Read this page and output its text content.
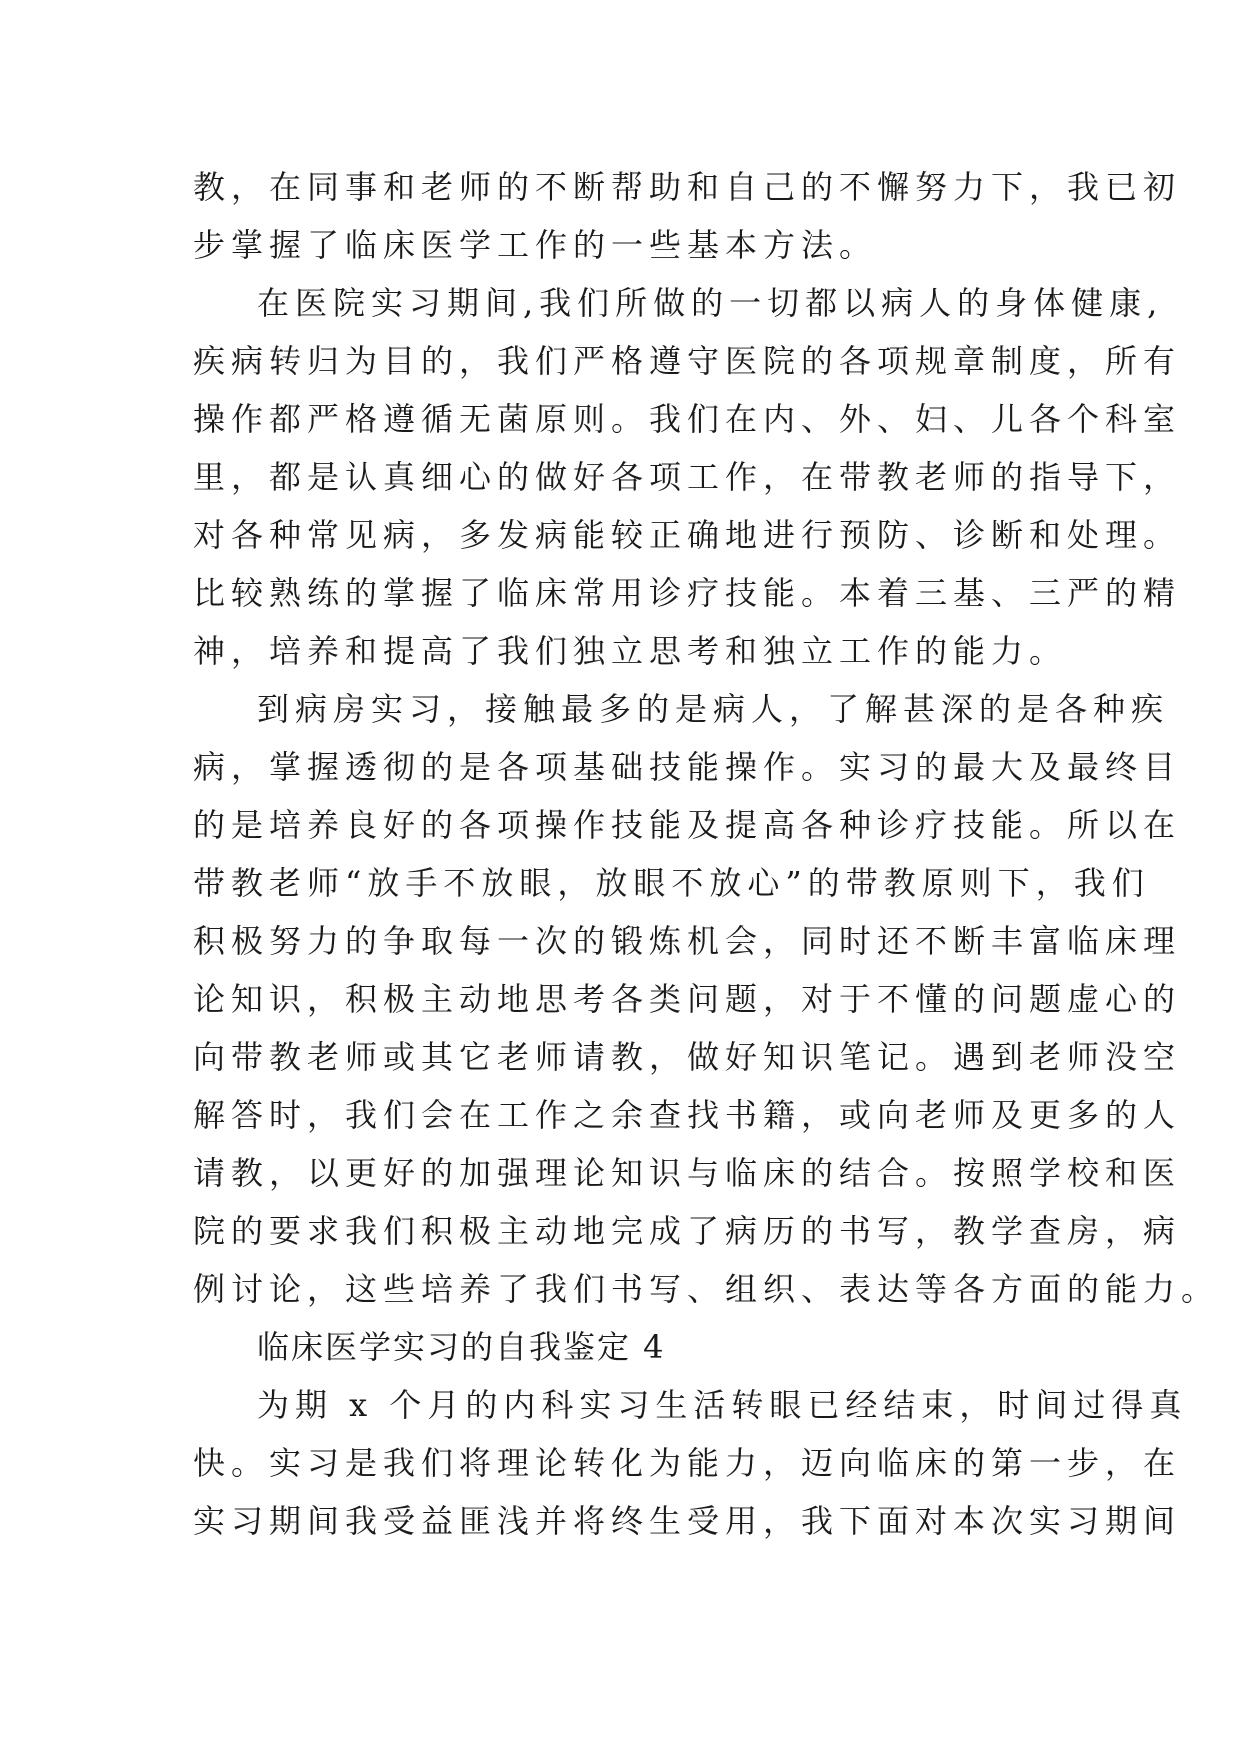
教，在同事和老师的不断帮助和自己的不懈努力下，我已初
步掌握了临床医学工作的一些基本方法。
在医院实习期间,我们所做的一切都以病人的身体健康,
疾病转归为目的，我们严格遵守医院的各项规章制度，所有
操作都严格遵循无菌原则。我们在内、外、妇、儿各个科室
里，都是认真细心的做好各项工作，在带教老师的指导下，
对各种常见病，多发病能较正确地进行预防、诊断和处理。
比较熟练的掌握了临床常用诊疗技能。本着三基、三严的精
神，培养和提高了我们独立思考和独立工作的能力。
到病房实习，接触最多的是病人，了解甚深的是各种疾
病，掌握透彻的是各项基础技能操作。实习的最大及最终目
的是培养良好的各项操作技能及提高各种诊疗技能。所以在
带教老师“放手不放眼，放眼不放心”的带教原则下，我们
积极努力的争取每一次的锻炼机会，同时还不断丰富临床理
论知识，积极主动地思考各类问题，对于不懂的问题虚心的
向带教老师或其它老师请教，做好知识笔记。遇到老师没空
解答时，我们会在工作之余查找书籍，或向老师及更多的人
请教，以更好的加强理论知识与临床的结合。按照学校和医
院的要求我们积极主动地完成了病历的书写，教学查房，病
例讨论，这些培养了我们书写、组织、表达等各方面的能力。
临床医学实习的自我鉴定 4
为期 x 个月的内科实习生活转眼已经结束，时间过得真
快。实习是我们将理论转化为能力，迈向临床的第一步，在
实习期间我受益匪浅并将终生受用，我下面对本次实习期间
